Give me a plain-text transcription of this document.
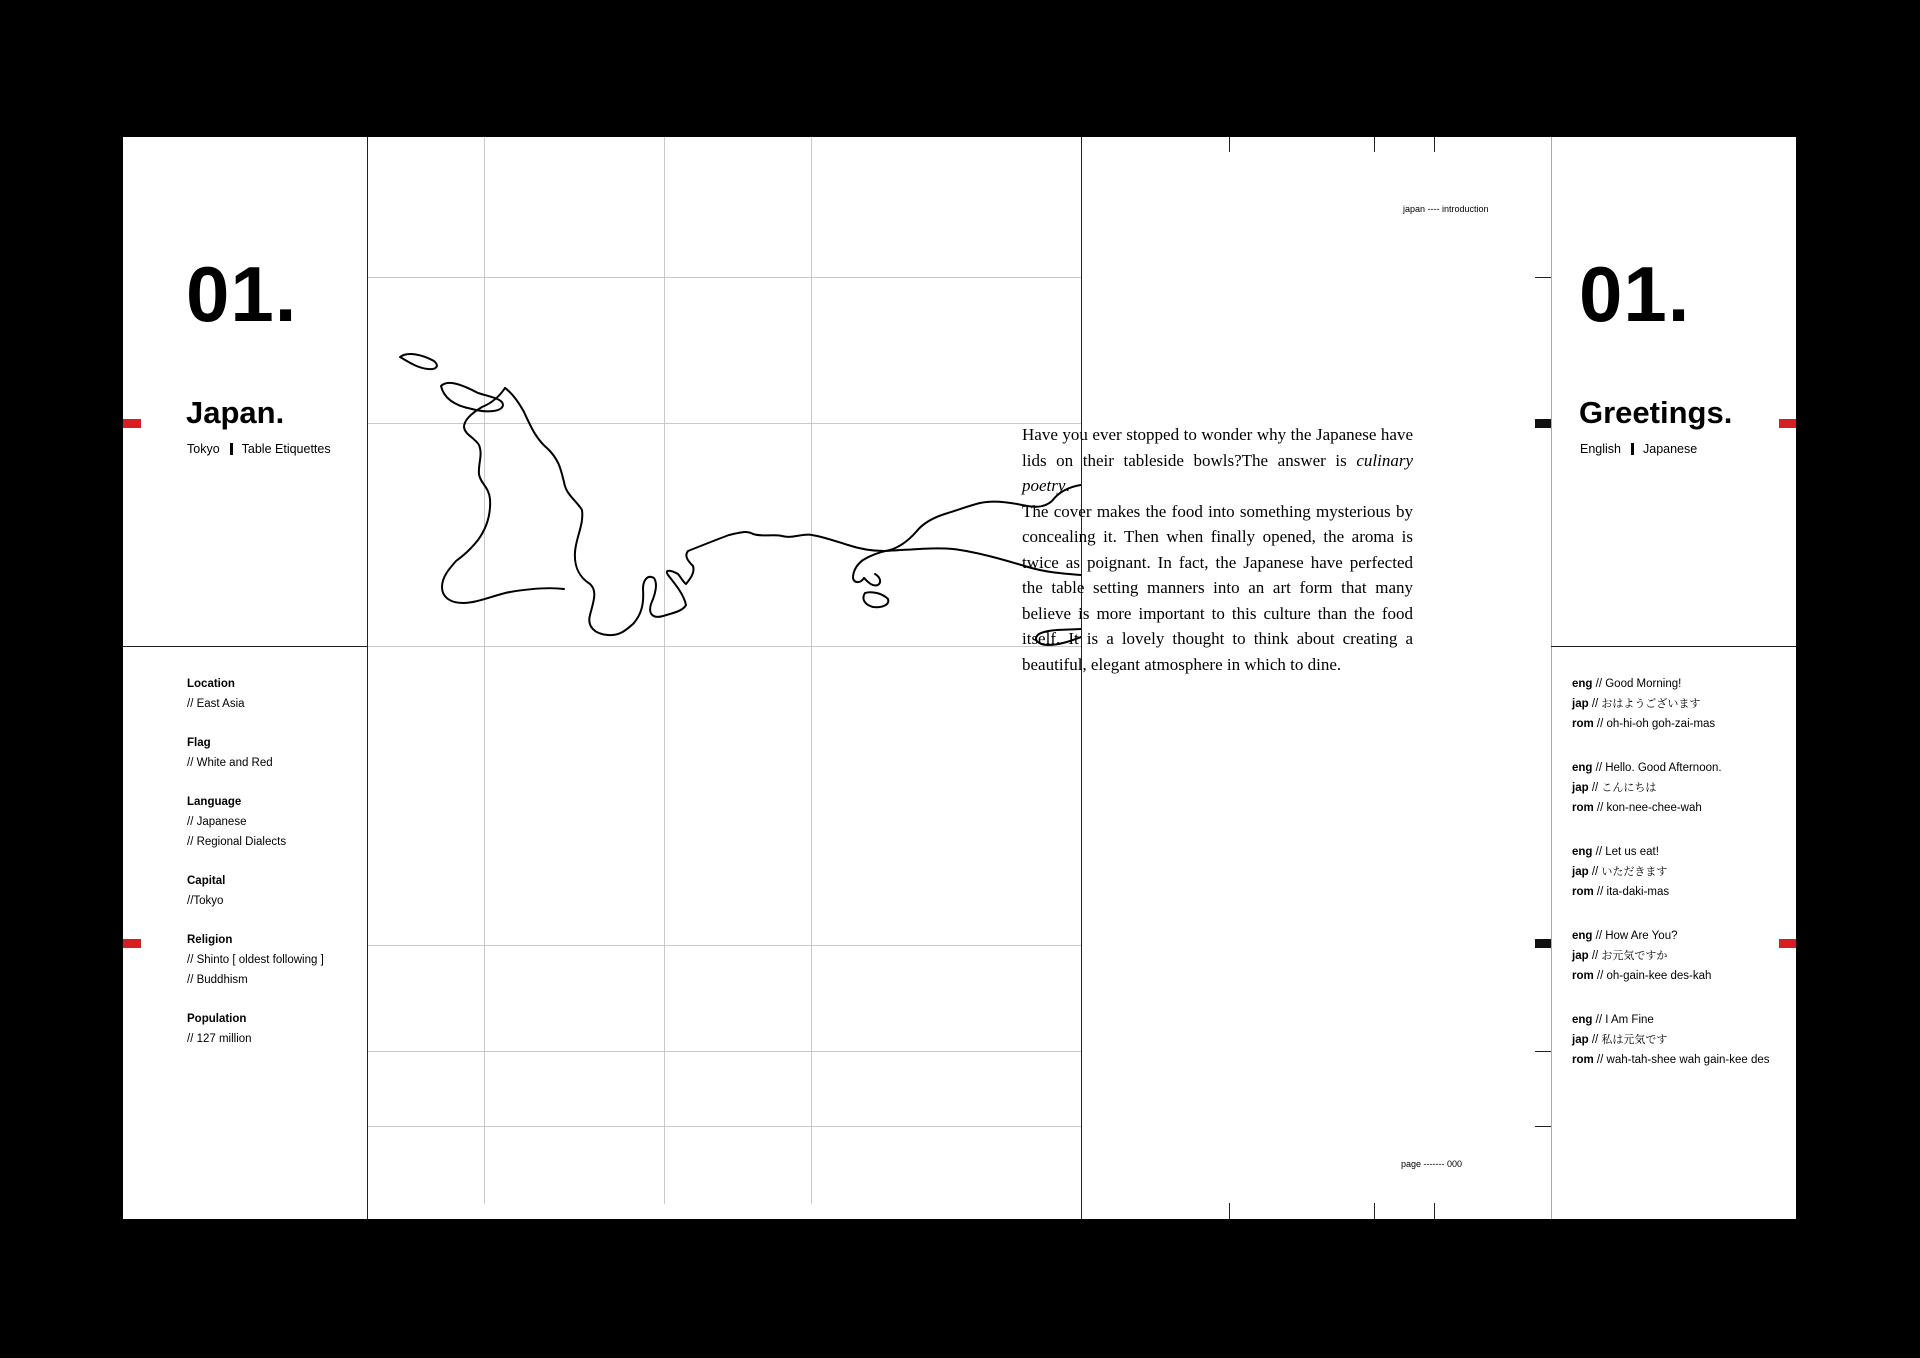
01.
Japan.
Tokyo Table Etiquettes
Location
// East Asia
Flag
// White and Red
Language
// Japanese
// Regional Dialects
Capital
//Tokyo
Religion
// Shinto [ oldest following ]
// Buddhism
Population
// 127 million
japan ---- introduction
Have you ever stopped to wonder why the Japanese have lids on their tableside bowls?The answer is culinary poetry.
The cover makes the food into something mysterious by concealing it. Then when finally opened, the aroma is twice as poignant. In fact, the Japanese have perfected the table setting manners into an art form that many believe is more important to this culture than the food itself. It is a lovely thought to think about creating a beautiful, elegant atmosphere in which to dine.
page ------- 000
01.
Greetings.
English Japanese
eng // Good Morning!
jap // おはようございます
rom // oh-hi-oh goh-zai-mas
eng // Hello. Good Afternoon.
jap // こんにちは
rom // kon-nee-chee-wah
eng // Let us eat!
jap // いただきます
rom // ita-daki-mas
eng // How Are You?
jap // お元気ですか
rom // oh-gain-kee des-kah
eng // I Am Fine
jap // 私は元気です
rom // wah-tah-shee wah gain-kee des
